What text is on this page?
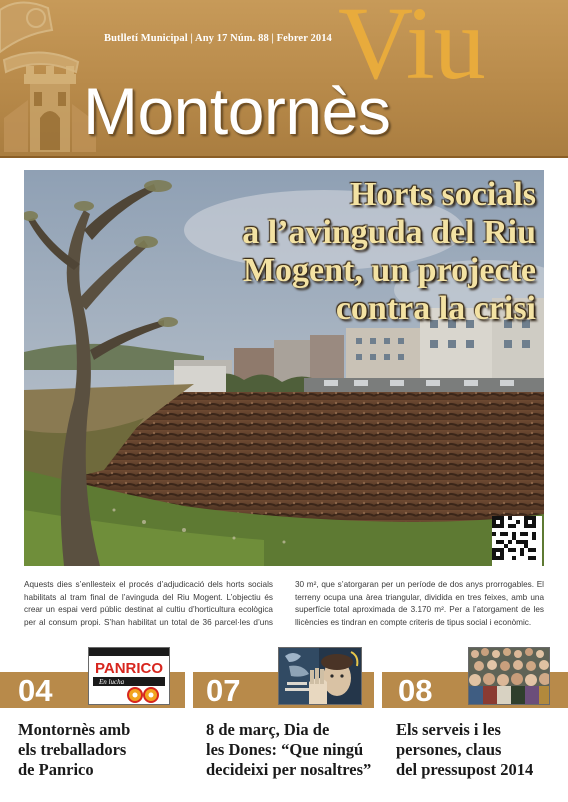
Butlletí Municipal | Any 17 Núm. 88 | Febrer 2014 Viu
Montornès
Horts socials
a l’avinguda del Riu
Mogent, un projecte
contra la crisi

Aquests dies s’enllesteix el procés d’adjudicació dels horts socials habilitats al tram final de l’avinguda del Riu Mogent. L’objectiu és crear un espai verd públic destinat al cultiu d’horticultura ecològica per al consum propi. S’han habilitat un total de 36 parcel·les d’uns 30 m², que s’atorgaran per un període de dos anys prorrogables. El terreny ocupa una àrea triangular, dividida en tres feixes, amb una superfície total aproximada de 3.170 m². Per a l’atorgament de les llicències es tindran en compte criteris de tipus social i econòmic.

04
PANRICO
En lucha
Montornès amb
els treballadors
de Panrico
07
8 de març, Dia de
les Dones: “Que ningú
decideixi per nosaltres”
08
Els serveis i les
persones, claus
del pressupost 2014
